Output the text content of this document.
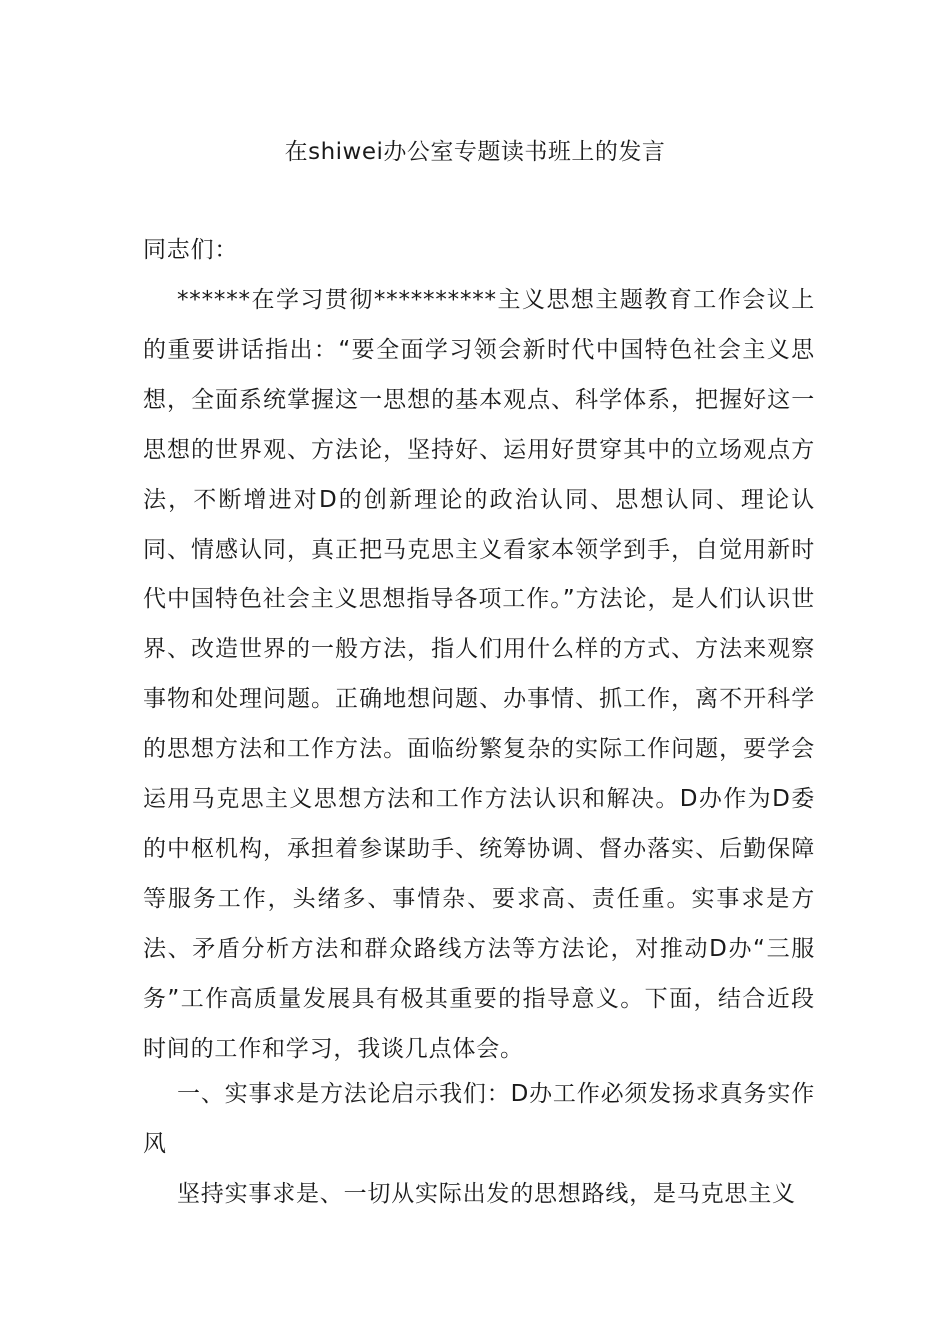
在shiwei办公室专题读书班上的发言

同志们：

******在学习贯彻**********主义思想主题教育工作会议上的重要讲话指出：“要全面学习领会新时代中国特色社会主义思想，全面系统掌握这一思想的基本观点、科学体系，把握好这一思想的世界观、方法论，坚持好、运用好贯穿其中的立场观点方法，不断增进对D的创新理论的政治认同、思想认同、理论认同、情感认同，真正把马克思主义看家本领学到手，自觉用新时代中国特色社会主义思想指导各项工作。”方法论，是人们认识世界、改造世界的一般方法，指人们用什么样的方式、方法来观察事物和处理问题。正确地想问题、办事情、抓工作，离不开科学的思想方法和工作方法。面临纷繁复杂的实际工作问题，要学会运用马克思主义思想方法和工作方法认识和解决。D办作为D委的中枢机构，承担着参谋助手、统筹协调、督办落实、后勤保障等服务工作，头绪多、事情杂、要求高、责任重。实事求是方法、矛盾分析方法和群众路线方法等方法论，对推动D办“三服务”工作高质量发展具有极其重要的指导意义。下面，结合近段时间的工作和学习，我谈几点体会。

一、实事求是方法论启示我们：D办工作必须发扬求真务实作风

坚持实事求是、一切从实际出发的思想路线，是马克思主义
